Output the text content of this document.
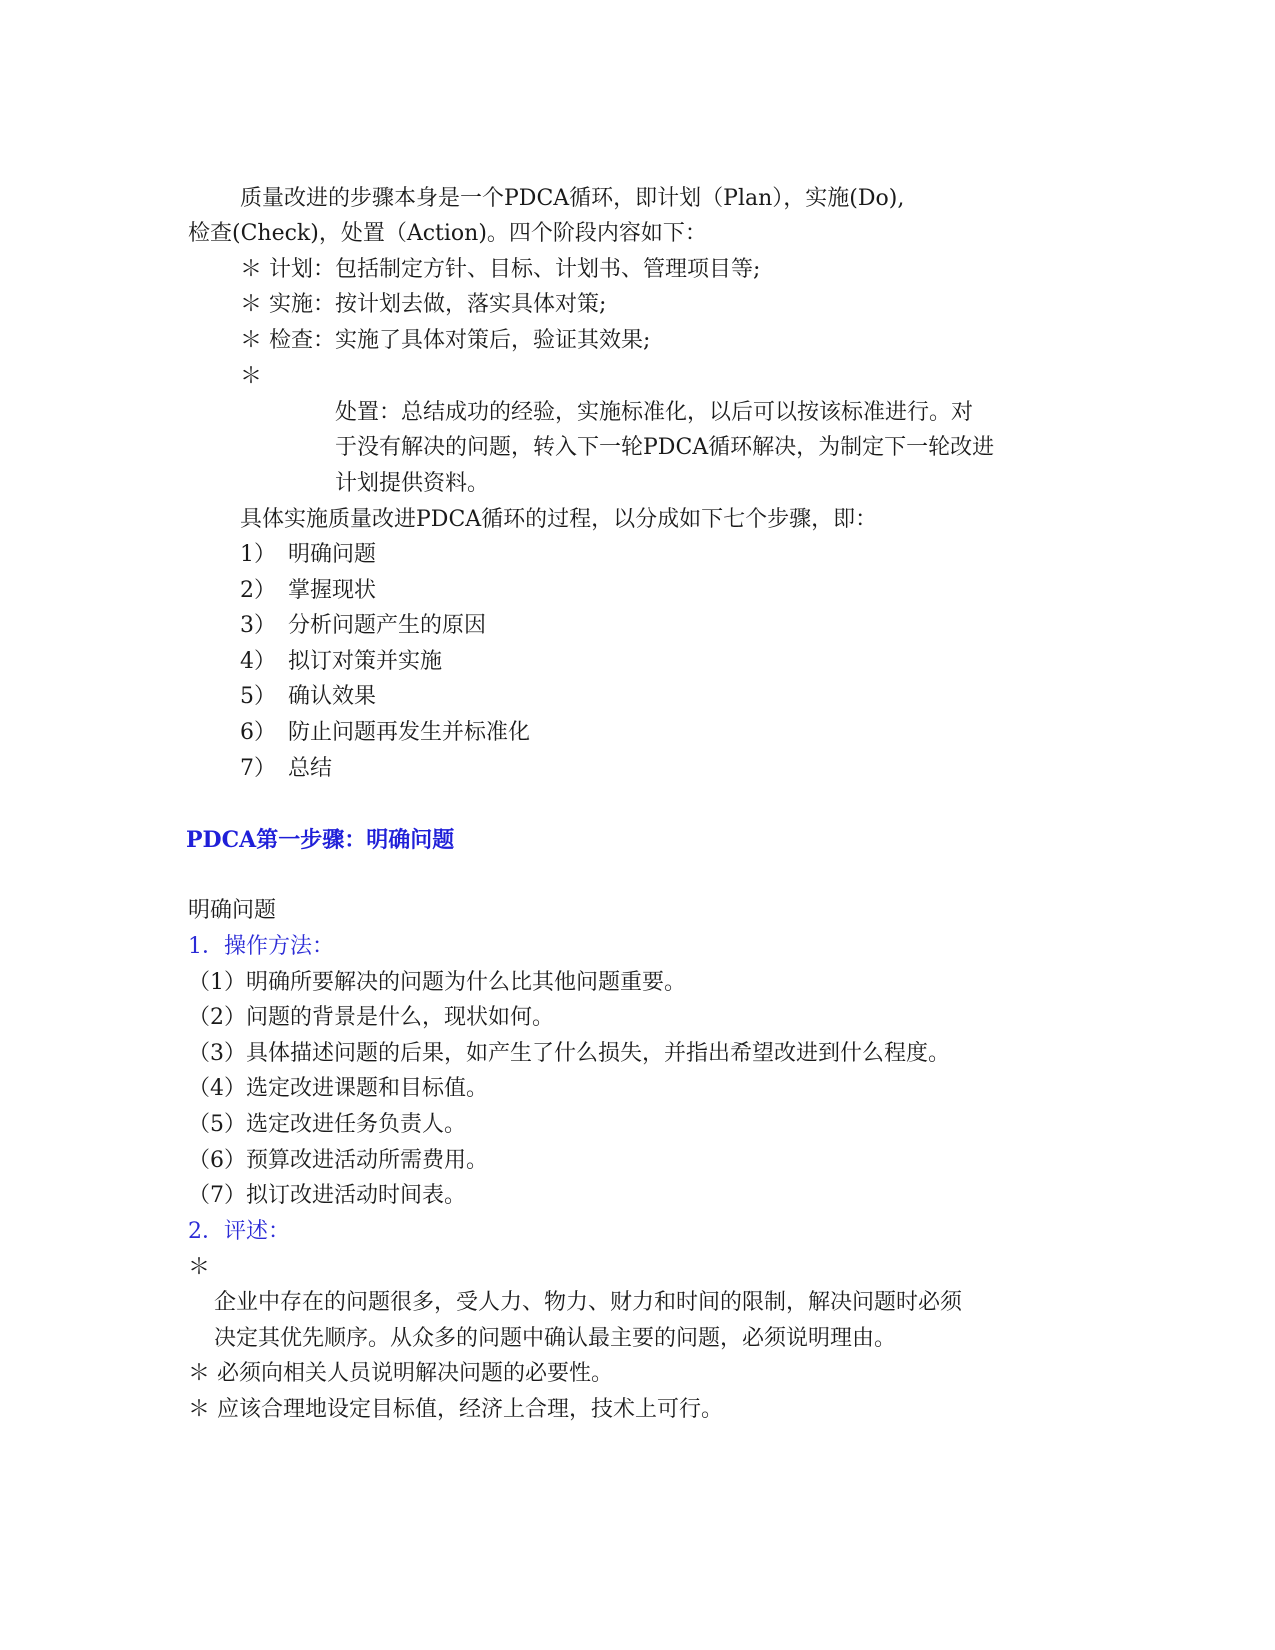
质量改进的步骤本身是一个PDCA循环，即计划（Plan），实施(Do),
检查(Check)，处置（Action)。四个阶段内容如下：
＊ 计划：包括制定方针、目标、计划书、管理项目等;
＊ 实施：按计划去做，落实具体对策;
＊ 检查：实施了具体对策后，验证其效果;
＊
处置：总结成功的经验，实施标准化，以后可以按该标准进行。对
于没有解决的问题，转入下一轮PDCA循环解决，为制定下一轮改进
计划提供资料。
具体实施质量改进PDCA循环的过程，以分成如下七个步骤，即：
1） 明确问题
2） 掌握现状
3） 分析问题产生的原因
4） 拟订对策并实施
5） 确认效果
6） 防止问题再发生并标准化
7） 总结
PDCA第一步骤：明确问题
明确问题
1．操作方法：
（1）明确所要解决的问题为什么比其他问题重要。
（2）问题的背景是什么，现状如何。
（3）具体描述问题的后果，如产生了什么损失，并指出希望改进到什么程度。
（4）选定改进课题和目标值。
（5）选定改进任务负责人。
（6）预算改进活动所需费用。
（7）拟订改进活动时间表。
2．评述：
＊
企业中存在的问题很多，受人力、物力、财力和时间的限制，解决问题时必须
决定其优先顺序。从众多的问题中确认最主要的问题，必须说明理由。
＊ 必须向相关人员说明解决问题的必要性。
＊ 应该合理地设定目标值，经济上合理，技术上可行。
